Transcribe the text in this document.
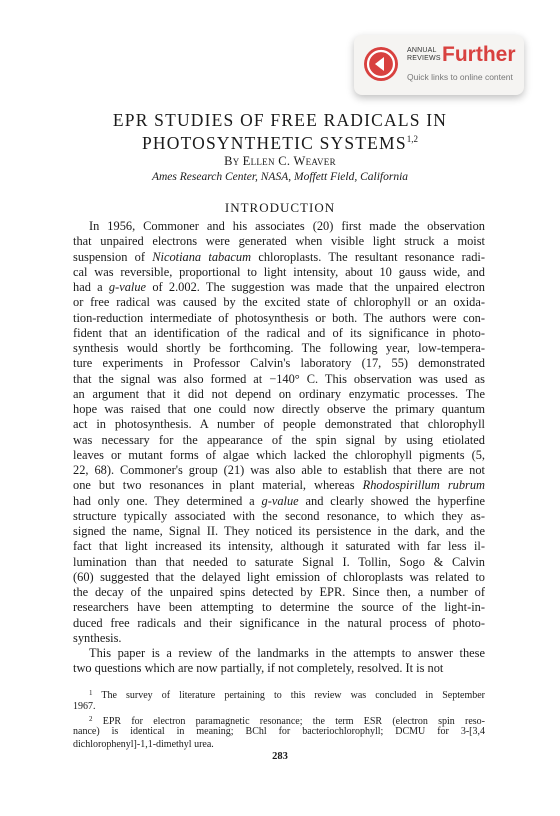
ANNUAL
REVIEWS Further
Quick links to online content
EPR STUDIES OF FREE RADICALS IN
PHOTOSYNTHETIC SYSTEMS$^{1,2}$
By Ellen C. Weaver
Ames Research Center, NASA, Moffett Field, California
INTRODUCTION
In 1956, Commoner and his associates (20) first made the observation
that unpaired electrons were generated when visible light struck a moist
suspension of Nicotiana tabacum chloroplasts. The resultant resonance radi-
cal was reversible, proportional to light intensity, about 10 gauss wide, and
had a g-value of 2.002. The suggestion was made that the unpaired electron
or free radical was caused by the excited state of chlorophyll or an oxida-
tion-reduction intermediate of photosynthesis or both. The authors were con-
fident that an identification of the radical and of its significance in photo-
synthesis would shortly be forthcoming. The following year, low-tempera-
ture experiments in Professor Calvin's laboratory (17, 55) demonstrated
that the signal was also formed at −140° C. This observation was used as
an argument that it did not depend on ordinary enzymatic processes. The
hope was raised that one could now directly observe the primary quantum
act in photosynthesis. A number of people demonstrated that chlorophyll
was necessary for the appearance of the spin signal by using etiolated
leaves or mutant forms of algae which lacked the chlorophyll pigments (5,
22, 68). Commoner's group (21) was also able to establish that there are not
one but two resonances in plant material, whereas Rhodospirillum rubrum
had only one. They determined a g-value and clearly showed the hyperfine
structure typically associated with the second resonance, to which they as-
signed the name, Signal II. They noticed its persistence in the dark, and the
fact that light increased its intensity, although it saturated with far less il-
lumination than that needed to saturate Signal I. Tollin, Sogo & Calvin
(60) suggested that the delayed light emission of chloroplasts was related to
the decay of the unpaired spins detected by EPR. Since then, a number of
researchers have been attempting to determine the source of the light-in-
duced free radicals and their significance in the natural process of photo-
synthesis.
This paper is a review of the landmarks in the attempts to answer these
two questions which are now partially, if not completely, resolved. It is not
$^1$ The survey of literature pertaining to this review was concluded in September
1967.
$^2$ EPR for electron paramagnetic resonance; the term ESR (electron spin reso-
nance) is identical in meaning; BChl for bacteriochlorophyll; DCMU for 3-[3,4
dichlorophenyl]-1,1-dimethyl urea.
283
